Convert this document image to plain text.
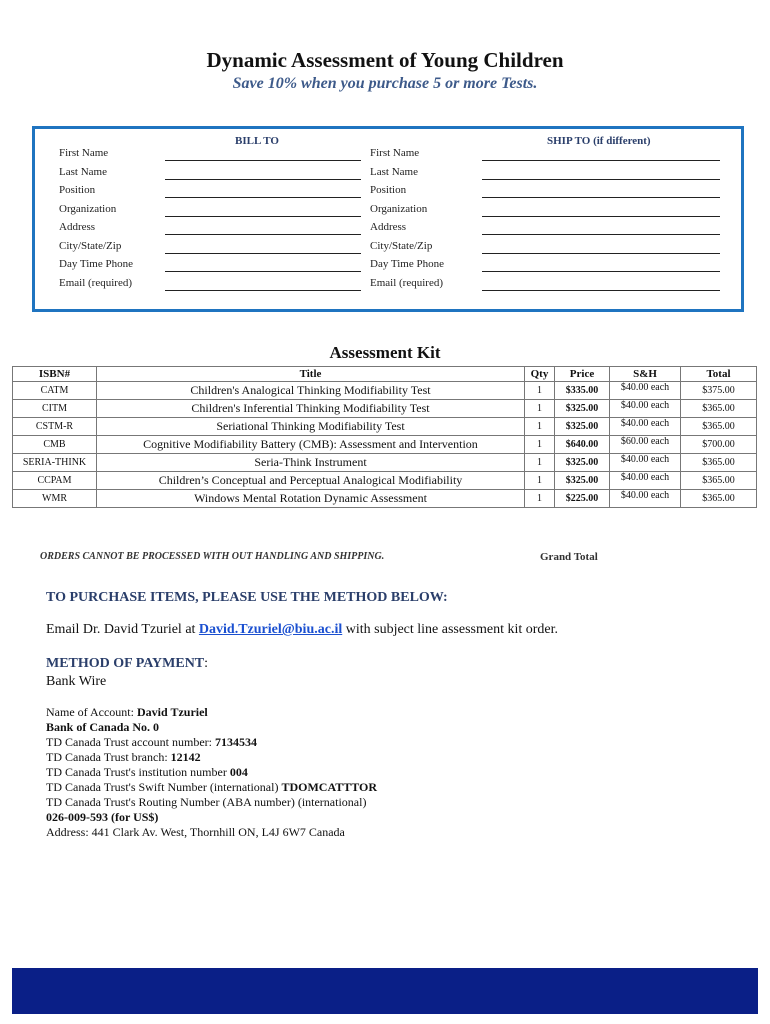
Dynamic Assessment of Young Children
Save 10% when you purchase 5 or more Tests.
BILL TO	SHIP TO (if different)
First Name	First Name
Last Name	Last Name
Position	Position
Organization	Organization
Address	Address
City/State/Zip	City/State/Zip
Day Time Phone	Day Time Phone
Email (required)	Email (required)
Assessment Kit
ISBN#	Title	Qty	Price	S&H	Total
CATM	Children's Analogical Thinking Modifiability Test	1	$335.00	$40.00 each	$375.00
CITM	Children's Inferential Thinking Modifiability Test	1	$325.00	$40.00 each	$365.00
CSTM-R	Seriational Thinking Modifiability Test	1	$325.00	$40.00 each	$365.00
CMB	Cognitive Modifiability Battery (CMB): Assessment and Intervention	1	$640.00	$60.00 each	$700.00
SERIA-THINK	Seria-Think Instrument	1	$325.00	$40.00 each	$365.00
CCPAM	Children’s Conceptual and Perceptual Analogical Modifiability	1	$325.00	$40.00 each	$365.00
WMR	Windows Mental Rotation Dynamic Assessment	1	$225.00	$40.00 each	$365.00
ORDERS CANNOT BE PROCESSED WITH OUT HANDLING AND SHIPPING.	Grand Total
TO PURCHASE ITEMS, PLEASE USE THE METHOD BELOW:
Email Dr. David Tzuriel at David.Tzuriel@biu.ac.il with subject line assessment kit order.
METHOD OF PAYMENT:
Bank Wire
Name of Account: David Tzuriel
Bank of Canada No. 0
TD Canada Trust account number: 7134534
TD Canada Trust branch: 12142
TD Canada Trust's institution number 004
TD Canada Trust's Swift Number (international) TDOMCATTTOR
TD Canada Trust's Routing Number (ABA number) (international)
026-009-593 (for US$)
Address: 441 Clark Av. West, Thornhill ON, L4J 6W7 Canada
